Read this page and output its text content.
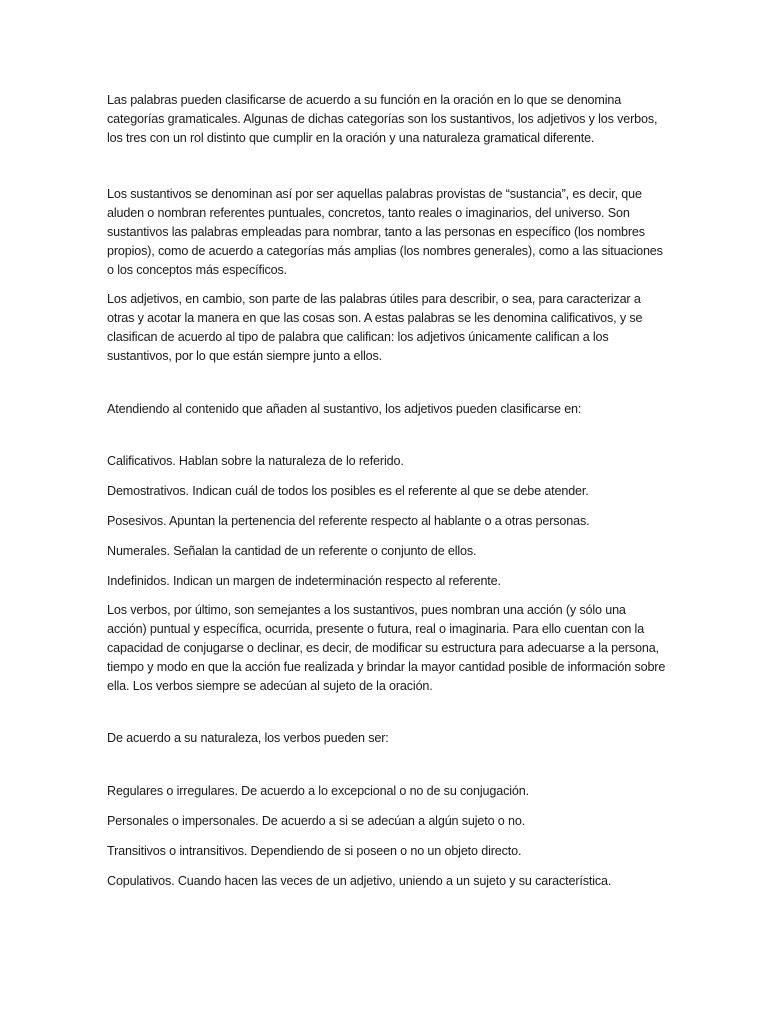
Las palabras pueden clasificarse de acuerdo a su función en la oración en lo que se denomina categorías gramaticales. Algunas de dichas categorías son los sustantivos, los adjetivos y los verbos, los tres con un rol distinto que cumplir en la oración y una naturaleza gramatical diferente.

Los sustantivos se denominan así por ser aquellas palabras provistas de “sustancia”, es decir, que aluden o nombran referentes puntuales, concretos, tanto reales o imaginarios, del universo. Son sustantivos las palabras empleadas para nombrar, tanto a las personas en específico (los nombres propios), como de acuerdo a categorías más amplias (los nombres generales), como a las situaciones o los conceptos más específicos.

Los adjetivos, en cambio, son parte de las palabras útiles para describir, o sea, para caracterizar a otras y acotar la manera en que las cosas son. A estas palabras se les denomina calificativos, y se clasifican de acuerdo al tipo de palabra que califican: los adjetivos únicamente califican a los sustantivos, por lo que están siempre junto a ellos.

Atendiendo al contenido que añaden al sustantivo, los adjetivos pueden clasificarse en:

Calificativos. Hablan sobre la naturaleza de lo referido.

Demostrativos. Indican cuál de todos los posibles es el referente al que se debe atender.

Posesivos. Apuntan la pertenencia del referente respecto al hablante o a otras personas.

Numerales. Señalan la cantidad de un referente o conjunto de ellos.

Indefinidos. Indican un margen de indeterminación respecto al referente.

Los verbos, por último, son semejantes a los sustantivos, pues nombran una acción (y sólo una acción) puntual y específica, ocurrida, presente o futura, real o imaginaria. Para ello cuentan con la capacidad de conjugarse o declinar, es decir, de modificar su estructura para adecuarse a la persona, tiempo y modo en que la acción fue realizada y brindar la mayor cantidad posible de información sobre ella. Los verbos siempre se adecúan al sujeto de la oración.

De acuerdo a su naturaleza, los verbos pueden ser:

Regulares o irregulares. De acuerdo a lo excepcional o no de su conjugación.

Personales o impersonales. De acuerdo a si se adecúan a algún sujeto o no.

Transitivos o intransitivos. Dependiendo de si poseen o no un objeto directo.

Copulativos. Cuando hacen las veces de un adjetivo, uniendo a un sujeto y su característica.
